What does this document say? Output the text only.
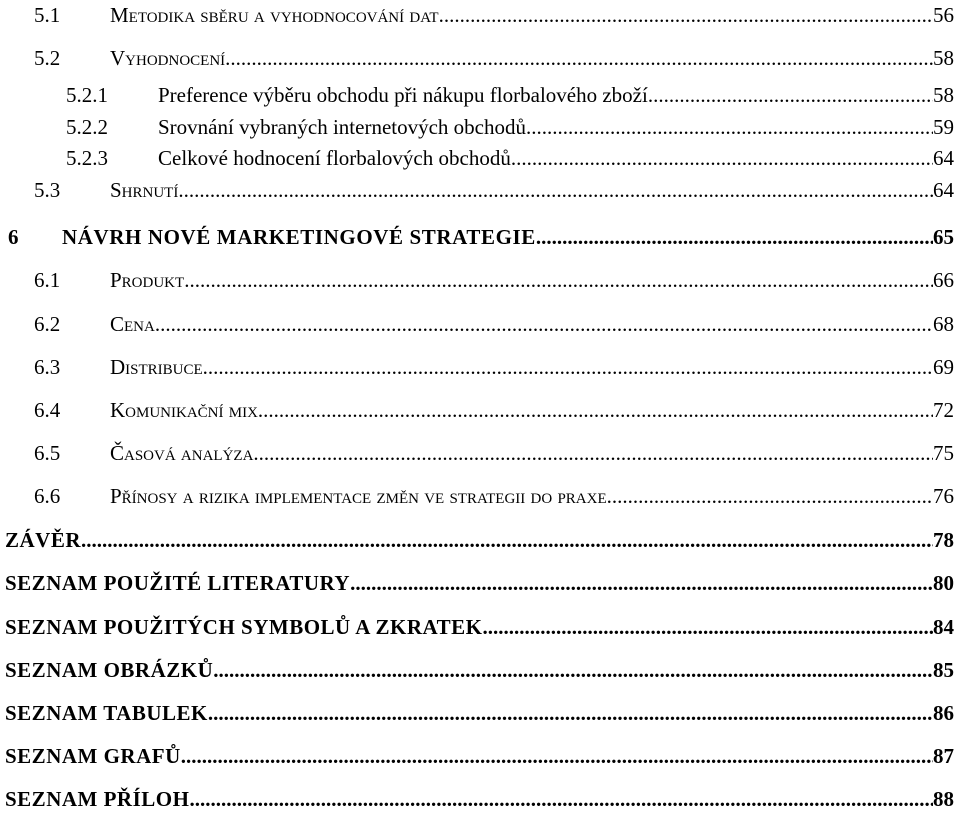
5.1	Metodika sběru a vyhodnocování dat .....	56
5.2	Vyhodnocení .....	58
5.2.1	Preference výběru obchodu při nákupu florbalového zboží .....	58
5.2.2	Srovnání vybraných internetových obchodů .....	59
5.2.3	Celkové hodnocení florbalových obchodů .....	64
5.3	Shrnutí .....	64
6	NÁVRH NOVÉ MARKETINGOVÉ STRATEGIE .....	65
6.1	Produkt .....	66
6.2	Cena .....	68
6.3	Distribuce .....	69
6.4	Komunikační mix .....	72
6.5	Časová analýza .....	75
6.6	Přínosy a rizika implementace změn ve strategii do praxe .....	76
ZÁVĚR .....	78
SEZNAM POUŽITÉ LITERATURY .....	80
SEZNAM POUŽITÝCH SYMBOLŮ A ZKRATEK .....	84
SEZNAM OBRÁZKŮ .....	85
SEZNAM TABULEK .....	86
SEZNAM GRAFŮ .....	87
SEZNAM PŘÍLOH .....	88
